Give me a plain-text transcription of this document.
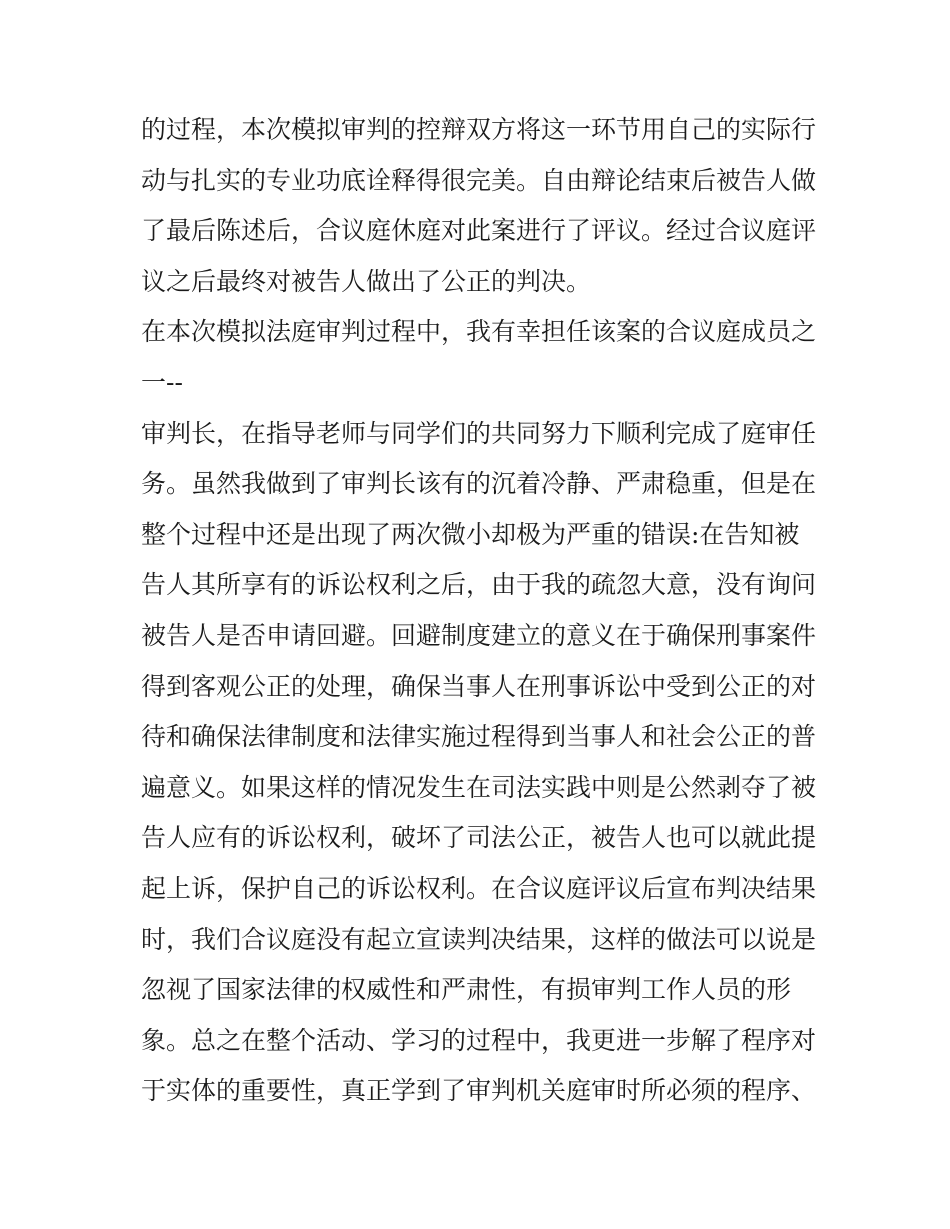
的过程，本次模拟审判的控辩双方将这一环节用自己的实际行
动与扎实的专业功底诠释得很完美。自由辩论结束后被告人做
了最后陈述后，合议庭休庭对此案进行了评议。经过合议庭评
议之后最终对被告人做出了公正的判决。
在本次模拟法庭审判过程中，我有幸担任该案的合议庭成员之
一--
审判长，在指导老师与同学们的共同努力下顺利完成了庭审任
务。虽然我做到了审判长该有的沉着冷静、严肃稳重，但是在
整个过程中还是出现了两次微小却极为严重的错误:在告知被
告人其所享有的诉讼权利之后，由于我的疏忽大意，没有询问
被告人是否申请回避。回避制度建立的意义在于确保刑事案件
得到客观公正的处理，确保当事人在刑事诉讼中受到公正的对
待和确保法律制度和法律实施过程得到当事人和社会公正的普
遍意义。如果这样的情况发生在司法实践中则是公然剥夺了被
告人应有的诉讼权利，破坏了司法公正，被告人也可以就此提
起上诉，保护自己的诉讼权利。在合议庭评议后宣布判决结果
时，我们合议庭没有起立宣读判决结果，这样的做法可以说是
忽视了国家法律的权威性和严肃性，有损审判工作人员的形
象。总之在整个活动、学习的过程中，我更进一步解了程序对
于实体的重要性，真正学到了审判机关庭审时所必须的程序、
